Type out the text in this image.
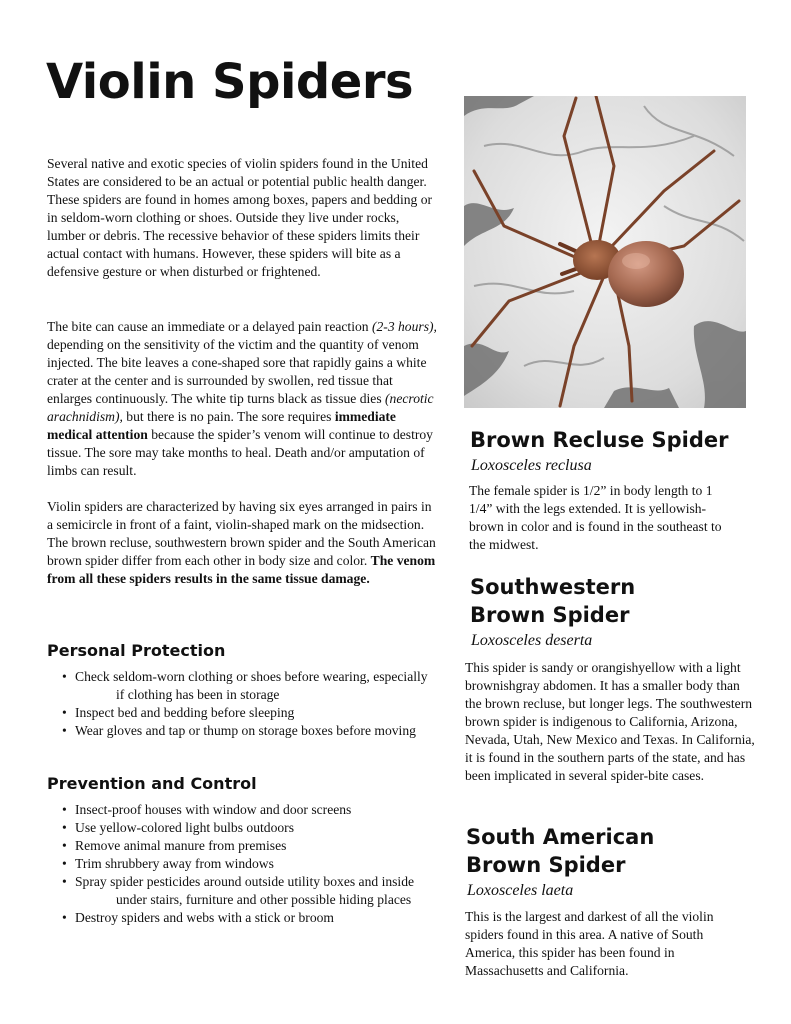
Violin Spiders

Several native and exotic species of violin spiders found in the United States are considered to be an actual or potential public health danger. These spiders are found in homes among boxes, papers and bedding or in seldom-worn clothing or shoes. Outside they live under rocks, lumber or debris. The recessive behavior of these spiders limits their actual contact with humans. However, these spiders will bite as a defensive gesture or when disturbed or frightened.

The bite can cause an immediate or a delayed pain reaction (2-3 hours), depending on the sensitivity of the victim and the quantity of venom injected. The bite leaves a cone-shaped sore that rapidly gains a white crater at the center and is surrounded by swollen, red tissue that enlarges continuously. The white tip turns black as tissue dies (necrotic arachnidism), but there is no pain. The sore requires immediate medical attention because the spider’s venom will continue to destroy tissue. The sore may take months to heal. Death and/or amputation of limbs can result.

Violin spiders are characterized by having six eyes arranged in pairs in a semicircle in front of a faint, violin-shaped mark on the midsection. The brown recluse, southwestern brown spider and the South American brown spider differ from each other in body size and color. The venom from all these spiders results in the same tissue damage.

Personal Protection
• Check seldom-worn clothing or shoes before wearing, especially if clothing has been in storage
• Inspect bed and bedding before sleeping
• Wear gloves and tap or thump on storage boxes before moving
Prevention and Control
• Insect-proof houses with window and door screens
• Use yellow-colored light bulbs outdoors
• Remove animal manure from premises
• Trim shrubbery away from windows
• Spray spider pesticides around outside utility boxes and inside under stairs, furniture and other possible hiding places
• Destroy spiders and webs with a stick or broom
Brown Recluse Spider

Loxosceles reclusa

The female spider is 1/2” in body length to 1 1/4” with the legs extended. It is yellowish-brown in color and is found in the southeast to the midwest.

Southwestern
Brown Spider

Loxosceles deserta

This spider is sandy or orangishyellow with a light brownishgray abdomen. It has a smaller body than the brown recluse, but longer legs. The southwestern brown spider is indigenous to California, Arizona, Nevada, Utah, New Mexico and Texas. In California, it is found in the southern parts of the state, and has been implicated in several spider-bite cases.

South American
Brown Spider

Loxosceles laeta

This is the largest and darkest of all the violin spiders found in this area. A native of South America, this spider has been found in Massachusetts and California.
